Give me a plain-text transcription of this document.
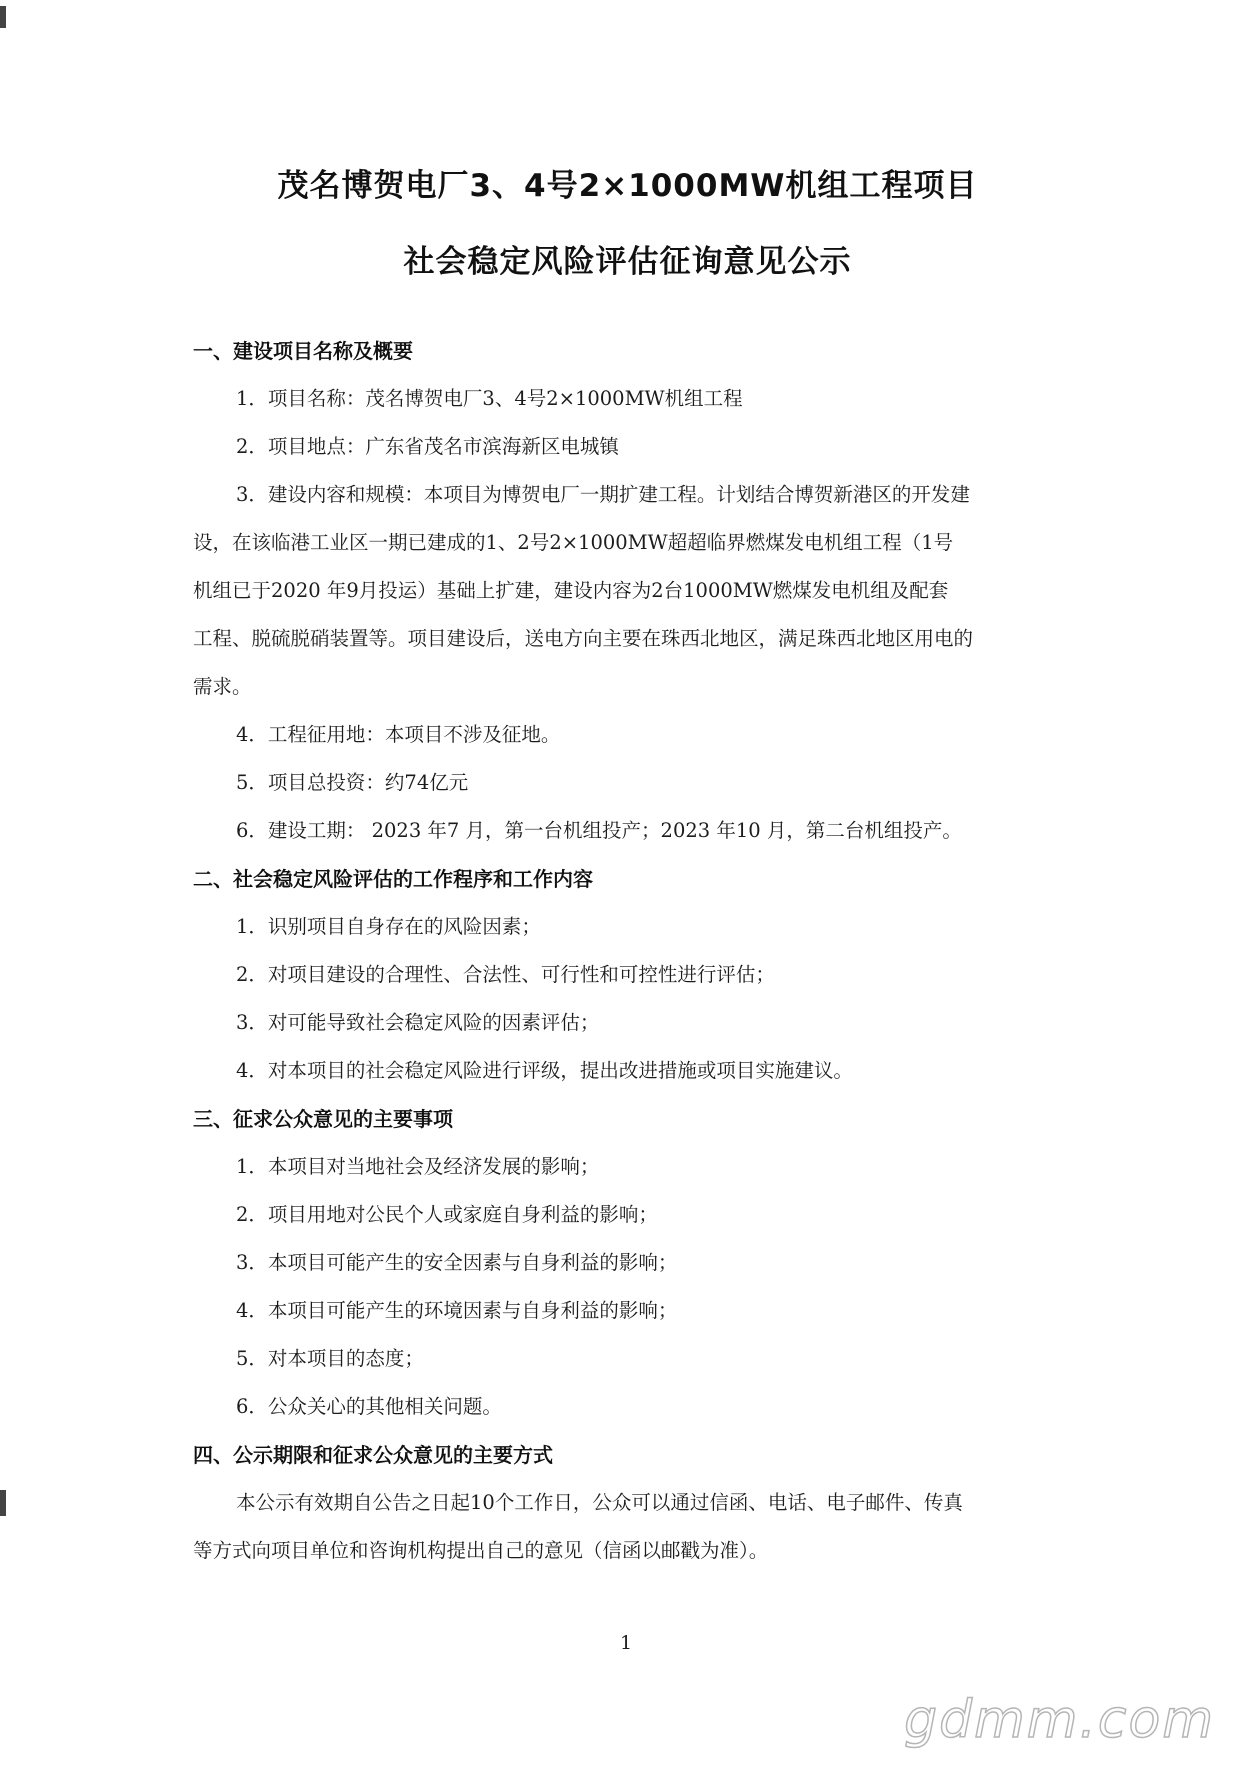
茂名博贺电厂3、4号2×1000MW机组工程项目
社会稳定风险评估征询意见公示
一、建设项目名称及概要
1．项目名称：茂名博贺电厂3、4号2×1000MW机组工程
2．项目地点：广东省茂名市滨海新区电城镇
3．建设内容和规模：本项目为博贺电厂一期扩建工程。计划结合博贺新港区的开发建
设，在该临港工业区一期已建成的1、2号2×1000MW超超临界燃煤发电机组工程（1号
机组已于2020 年9月投运）基础上扩建，建设内容为2台1000MW燃煤发电机组及配套
工程、脱硫脱硝装置等。项目建设后，送电方向主要在珠西北地区，满足珠西北地区用电的
需求。
4．工程征用地：本项目不涉及征地。
5．项目总投资：约74亿元
6．建设工期： 2023 年7 月，第一台机组投产；2023 年10 月，第二台机组投产。
二、社会稳定风险评估的工作程序和工作内容
1．识别项目自身存在的风险因素；
2．对项目建设的合理性、合法性、可行性和可控性进行评估；
3．对可能导致社会稳定风险的因素评估；
4．对本项目的社会稳定风险进行评级，提出改进措施或项目实施建议。
三、征求公众意见的主要事项
1．本项目对当地社会及经济发展的影响；
2．项目用地对公民个人或家庭自身利益的影响；
3．本项目可能产生的安全因素与自身利益的影响；
4．本项目可能产生的环境因素与自身利益的影响；
5．对本项目的态度；
6．公众关心的其他相关问题。
四、公示期限和征求公众意见的主要方式
本公示有效期自公告之日起10个工作日，公众可以通过信函、电话、电子邮件、传真
等方式向项目单位和咨询机构提出自己的意见（信函以邮戳为准）。
1
gdmm.com
